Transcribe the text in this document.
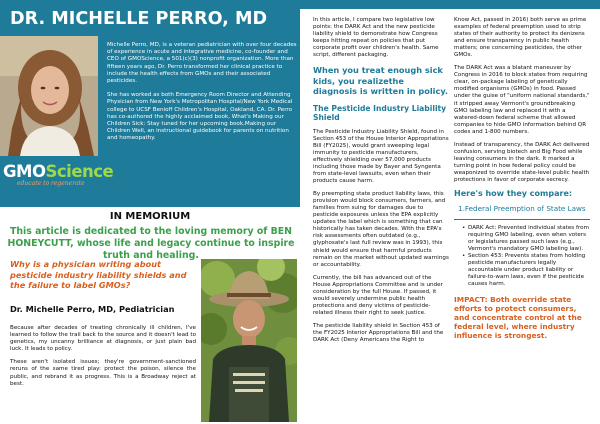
DR. MICHELLE PERRO, MD

Michelle Perro, MD, is a veteran pediatrician with over four decades of experience in acute and integrative medicine, co-founder and CEO of GMOScience, a 501(c)(3) nonprofit organization. More than fifteen years ago, Dr. Perro transformed her clinical practice to include the health effects from GMOs and their associated pesticides.

She has worked as both Emergency Room Director and Attending Physician from New York's Metropolitan Hospital/New York Medical college to UCSF Benioff Children's Hospital, Oakland, CA. Dr. Perro has co-authored the highly acclaimed book, What's Making our Children Sick: Stay tuned for her upcoming book,Making our Children Well, an instructional guidebook for parents on nutrition and homeopathy.

GMOScience
educate to regenerate
IN MEMORIUM
This article is dedicated to the loving memory of BEN HONEYCUTT, whose life and legacy continue to inspire truth and healing.
Why is a physician writing about pesticide industry liability shields and the failure to label GMOs?
Dr. Michelle Perro, MD, Pediatrician

Because after decades of treating chronically ill children, I've learned to follow the trail back to the source and it doesn't lead to genetics, my uncanny brilliance at diagnosis, or just plain bad luck. It leads to policy.

These aren't isolated issues; they're government-sanctioned reruns of the same tired play: protect the poison, silence the public, and rebrand it as progress. This is a Broadway reject at best.

In this article, I compare two legislative low points: the DARK Act and the new pesticide liability shield to demonstrate how Congress keeps hitting repeat on policies that put corporate profit over children's health. Same script, different packaging.

When you treat enough sick kids, you realizethe diagnosis is written in policy.
The Pesticide Industry Liability Shield

The Pesticide Industry Liability Shield, found in Section 453 of the House Interior Appropriations Bill (FY2025), would grant sweeping legal immunity to pesticide manufacturers, effectively shielding over 57,000 products including those made by Bayer and Syngenta from state-level lawsuits, even when their products cause harm.

By preempting state product liability laws, this provision would block consumers, farmers, and families from suing for damages due to pesticide exposures unless the EPA explicitly updates the label which is something that can historically has taken decades. With the EPA's risk assessments often outdated (e.g., glyphosate's last full review was in 1993), this shield would ensure that harmful products remain on the market without updated warnings or accountability.

Currently, the bill has advanced out of the House Appropriations Committee and is under consideration by the full House. If passed, it would severely undermine public health protections and deny victims of pesticide-related illness their right to seek justice.

The pesticide liability shield in Section 453 of the FY2025 Interior Appropriations Bill and the DARK Act (Deny Americans the Right to

Know Act, passed in 2016) both serve as prime examples of federal preemption used to strip states of their authority to protect its denizens and ensure transparency in public health matters; one concerning pesticides, the other GMOs.

The DARK Act was a blatant maneuver by Congress in 2016 to block states from requiring clear, on-package labeling of genetically modified organisms (GMOs) in food. Passed under the guise of "uniform national standards," it stripped away Vermont's groundbreaking GMO labeling law and replaced it with a watered-down federal scheme that allowed companies to hide GMO information behind QR codes and 1-800 numbers.

Instead of transparency, the DARK Act delivered confusion, serving biotech and Big Food while leaving consumers in the dark. It marked a turning point in how federal policy could be weaponized to override state-level public health protections in favor of corporate secrecy.

Here's how they compare:
1.Federal Preemption of State Laws
• DARK Act: Prevented individual states from requiring GMO labeling, even when voters or legislatures passed such laws (e.g., Vermont's mandatory GMO labeling law).
• Section 453: Prevents states from holding pesticide manufacturers legally accountable under product liability or failure-to-warn laws, even if the pesticide causes harm.
IMPACT: Both override state efforts to protect consumers, and concentrate control at the federal level, where industry influence is strongest.
